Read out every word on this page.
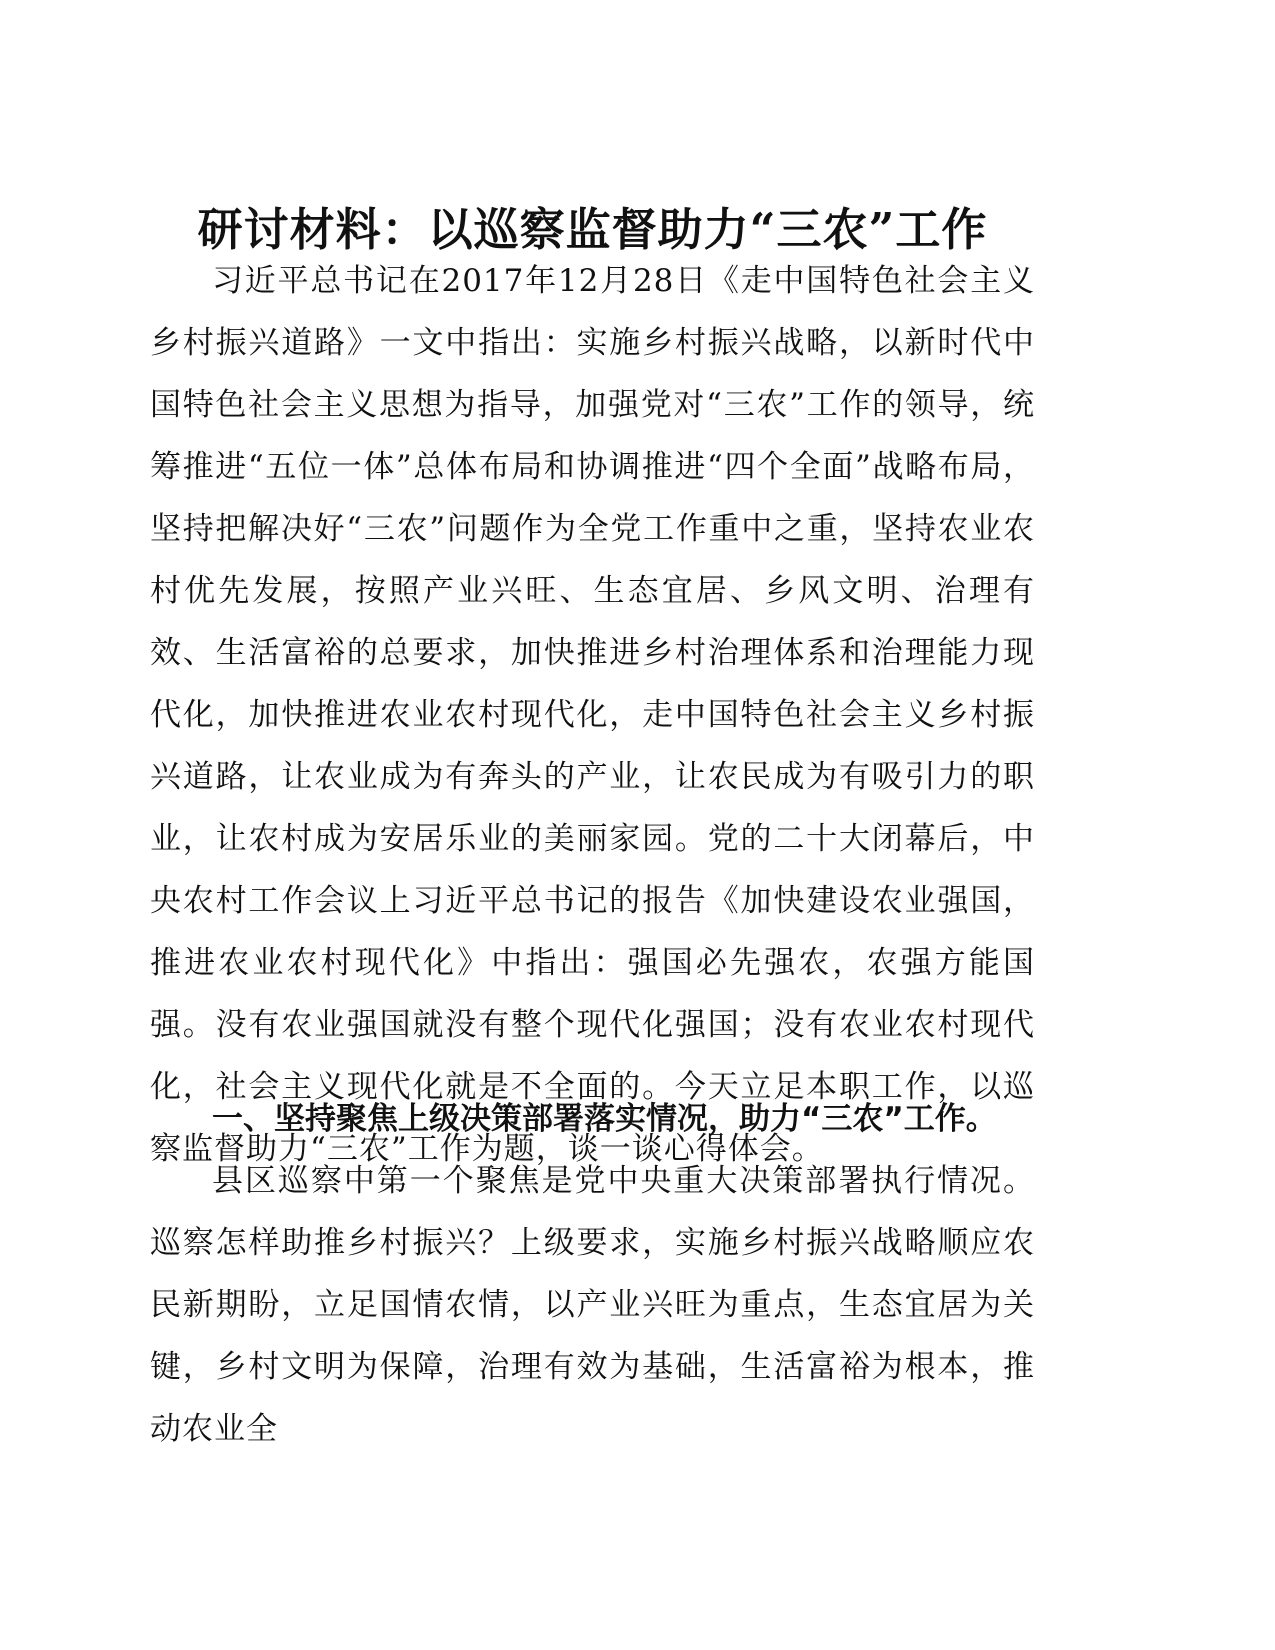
研讨材料：以巡察监督助力“三农”工作

习近平总书记在2017年12月28日《走中国特色社会主义乡村振兴道路》一文中指出：实施乡村振兴战略，以新时代中国特色社会主义思想为指导，加强党对“三农”工作的领导，统筹推进“五位一体”总体布局和协调推进“四个全面”战略布局，坚持把解决好“三农”问题作为全党工作重中之重，坚持农业农村优先发展，按照产业兴旺、生态宜居、乡风文明、治理有效、生活富裕的总要求，加快推进乡村治理体系和治理能力现代化，加快推进农业农村现代化，走中国特色社会主义乡村振兴道路，让农业成为有奔头的产业，让农民成为有吸引力的职业，让农村成为安居乐业的美丽家园。党的二十大闭幕后，中央农村工作会议上习近平总书记的报告《加快建设农业强国，推进农业农村现代化》中指出：强国必先强农，农强方能国强。没有农业强国就没有整个现代化强国；没有农业农村现代化，社会主义现代化就是不全面的。今天立足本职工作，以巡察监督助力“三农”工作为题，谈一谈心得体会。

一、坚持聚焦上级决策部署落实情况，助力“三农”工作。

县区巡察中第一个聚焦是党中央重大决策部署执行情况。巡察怎样助推乡村振兴？上级要求，实施乡村振兴战略顺应农民新期盼，立足国情农情，以产业兴旺为重点，生态宜居为关键，乡村文明为保障，治理有效为基础，生活富裕为根本，推动农业全
